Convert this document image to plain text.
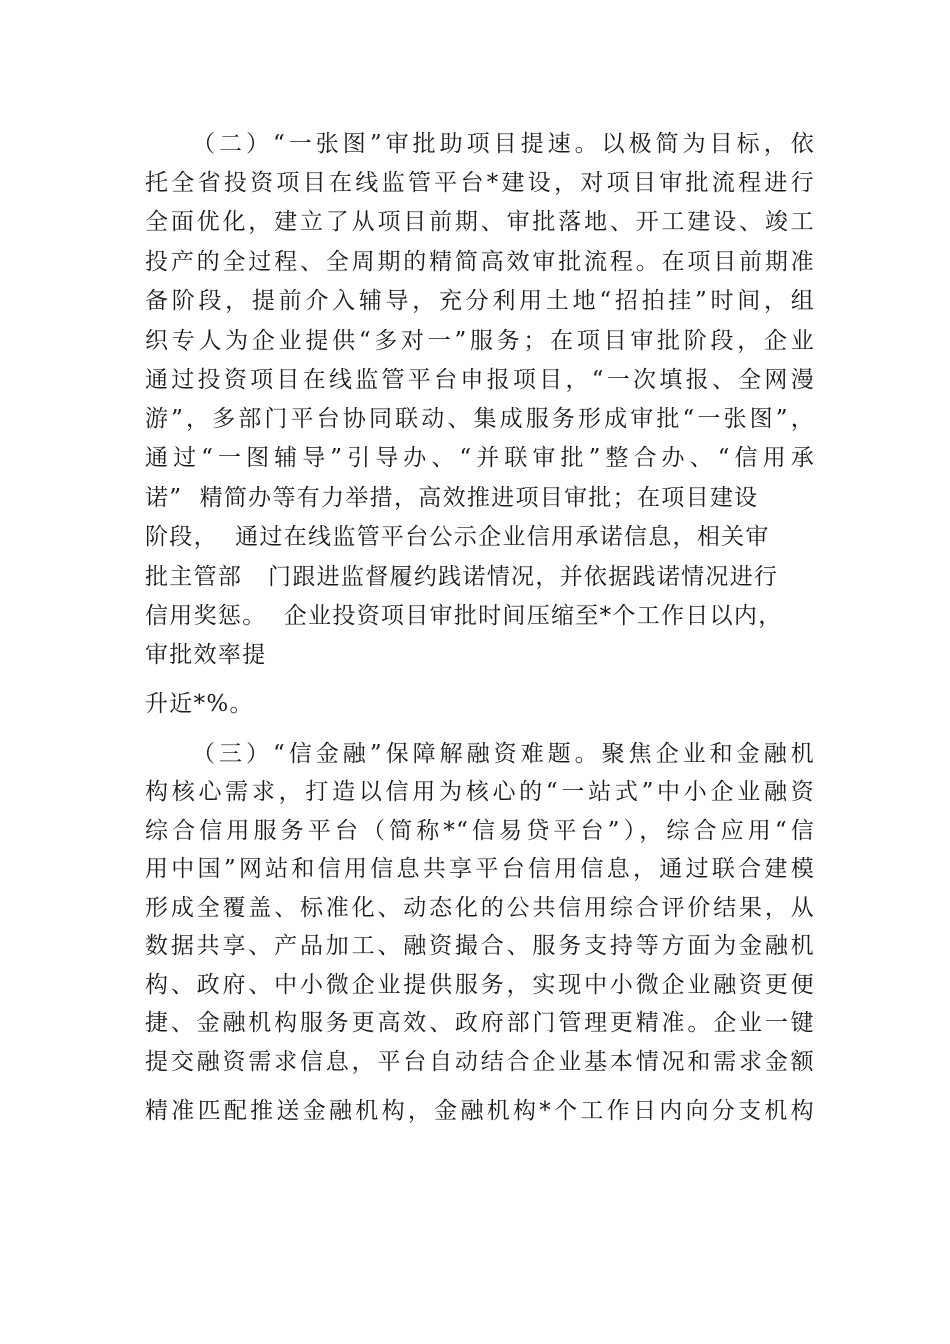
（二）“一张图”审批助项目提速。以极简为目标，依
托全省投资项目在线监管平台*建设，对项目审批流程进行
全面优化，建立了从项目前期、审批落地、开工建设、竣工
投产的全过程、全周期的精简高效审批流程。在项目前期准
备阶段，提前介入辅导，充分利用土地“招拍挂”时间，组
织专人为企业提供“多对一”服务；在项目审批阶段，企业
通过投资项目在线监管平台申报项目，“一次填报、全网漫
游”，多部门平台协同联动、集成服务形成审批“一张图”，
通过“一图辅导”引导办、“并联审批”整合办、“信用承
诺”  精简办等有力举措，高效推进项目审批；在项目建设
阶段，  通过在线监管平台公示企业信用承诺信息，相关审
批主管部   门跟进监督履约践诺情况，并依据践诺情况进行
信用奖惩。  企业投资项目审批时间压缩至*个工作日以内，
审批效率提
升近*%。
（三）“信金融”保障解融资难题。聚焦企业和金融机
构核心需求，打造以信用为核心的“一站式”中小企业融资
综合信用服务平台（简称*“信易贷平台”），综合应用“信
用中国”网站和信用信息共享平台信用信息，通过联合建模
形成全覆盖、标准化、动态化的公共信用综合评价结果，从
数据共享、产品加工、融资撮合、服务支持等方面为金融机
构、政府、中小微企业提供服务，实现中小微企业融资更便
捷、金融机构服务更高效、政府部门管理更精准。企业一键
提交融资需求信息，平台自动结合企业基本情况和需求金额
精准匹配推送金融机构，金融机构*个工作日内向分支机构
